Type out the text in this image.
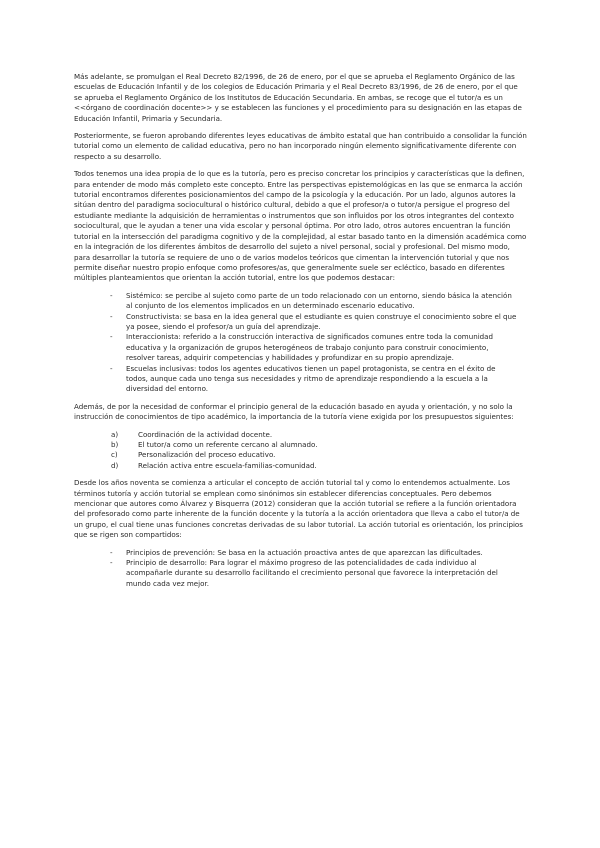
Más adelante, se promulgan el Real Decreto 82/1996, de 26 de enero, por el que se aprueba el Reglamento Orgánico de las escuelas de Educación Infantil y de los colegios de Educación Primaria y el Real Decreto 83/1996, de 26 de enero, por el que se aprueba el Reglamento Orgánico de los Institutos de Educación Secundaria. En ambas, se recoge que el tutor/a es un <<órgano de coordinación docente>> y se establecen las funciones y el procedimiento para su designación en las etapas de Educación Infantil, Primaria y Secundaria.

Posteriormente, se fueron aprobando diferentes leyes educativas de ámbito estatal que han contribuido a consolidar la función tutorial como un elemento de calidad educativa, pero no han incorporado ningún elemento significativamente diferente con respecto a su desarrollo.

Todos tenemos una idea propia de lo que es la tutoría, pero es preciso concretar los principios y características que la definen, para entender de modo más completo este concepto. Entre las perspectivas epistemológicas en las que se enmarca la acción tutorial encontramos diferentes posicionamientos del campo de la psicología y la educación. Por un lado, algunos autores la sitúan dentro del paradigma sociocultural o histórico cultural, debido a que el profesor/a o tutor/a persigue el progreso del estudiante mediante la adquisición de herramientas o instrumentos que son influidos por los otros integrantes del contexto sociocultural, que le ayudan a tener una vida escolar y personal óptima. Por otro lado, otros autores encuentran la función tutorial en la intersección del paradigma cognitivo y de la complejidad, al estar basado tanto en la dimensión académica como en la integración de los diferentes ámbitos de desarrollo del sujeto a nivel personal, social y profesional. Del mismo modo, para desarrollar la tutoría se requiere de uno o de varios modelos teóricos que cimentan la intervención tutorial y que nos permite diseñar nuestro propio enfoque como profesores/as, que generalmente suele ser ecléctico, basado en diferentes múltiples planteamientos que orientan la acción tutorial, entre los que podemos destacar:

- Sistémico: se percibe al sujeto como parte de un todo relacionado con un entorno, siendo básica la atención al conjunto de los elementos implicados en un determinado escenario educativo.
- Constructivista: se basa en la idea general que el estudiante es quien construye el conocimiento sobre el que ya posee, siendo el profesor/a un guía del aprendizaje.
- Interaccionista: referido a la construcción interactiva de significados comunes entre toda la comunidad educativa y la organización de grupos heterogéneos de trabajo conjunto para construir conocimiento, resolver tareas, adquirir competencias y habilidades y profundizar en su propio aprendizaje.
- Escuelas inclusivas: todos los agentes educativos tienen un papel protagonista, se centra en el éxito de todos, aunque cada uno tenga sus necesidades y ritmo de aprendizaje respondiendo a la escuela a la diversidad del entorno.

Además, de por la necesidad de conformar el principio general de la educación basado en ayuda y orientación, y no solo la instrucción de conocimientos de tipo académico, la importancia de la tutoría viene exigida por los presupuestos siguientes:

a)	Coordinación de la actividad docente.
b)	El tutor/a como un referente cercano al alumnado.
c)	Personalización del proceso educativo.
d)	Relación activa entre escuela-familias-comunidad.

Desde los años noventa se comienza a articular el concepto de acción tutorial tal y como lo entendemos actualmente. Los términos tutoría y acción tutorial se emplean como sinónimos sin establecer diferencias conceptuales. Pero debemos mencionar que autores como Álvarez y Bisquerra (2012) consideran que la acción tutorial se refiere a la función orientadora del profesorado como parte inherente de la función docente y la tutoría a la acción orientadora que lleva a cabo el tutor/a de un grupo, el cual tiene unas funciones concretas derivadas de su labor tutorial. La acción tutorial es orientación, los principios que se rigen son compartidos:

- Principios de prevención: Se basa en la actuación proactiva antes de que aparezcan las dificultades.
- Principio de desarrollo: Para lograr el máximo progreso de las potencialidades de cada individuo al acompañarle durante su desarrollo facilitando el crecimiento personal que favorece la interpretación del mundo cada vez mejor.
